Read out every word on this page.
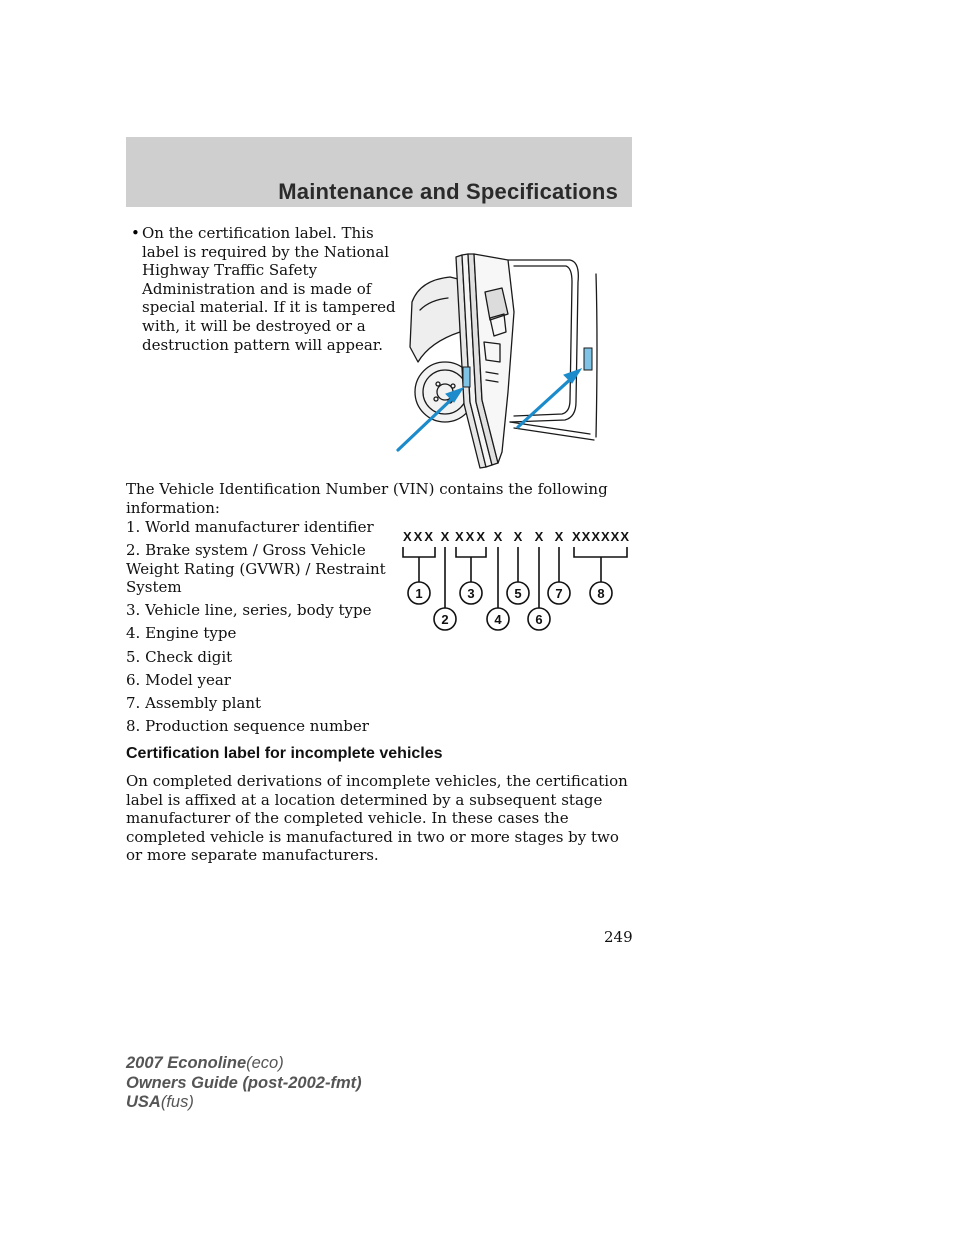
Maintenance and Specifications
• On the certification label. This label is required by the National Highway Traffic Safety Administration and is made of special material. If it is tampered with, it will be destroyed or a destruction pattern will appear.

The Vehicle Identification Number (VIN) contains the following information:

1. World manufacturer identifier
2. Brake system / Gross Vehicle Weight Rating (GVWR) / Restraint System
3. Vehicle line, series, body type
4. Engine type
5. Check digit
6. Model year
7. Assembly plant
8. Production sequence number
XXX X XXX X X X X XXXXXX
1
2
3
4
5
6
7	8
Certification label for incomplete vehicles

On completed derivations of incomplete vehicles, the certification label is affixed at a location determined by a subsequent stage manufacturer of the completed vehicle. In these cases the completed vehicle is manufactured in two or more stages by two or more separate manufacturers.

249

2007 Econoline(eco)

Owners Guide (post-2002-fmt)

USA(fus)
